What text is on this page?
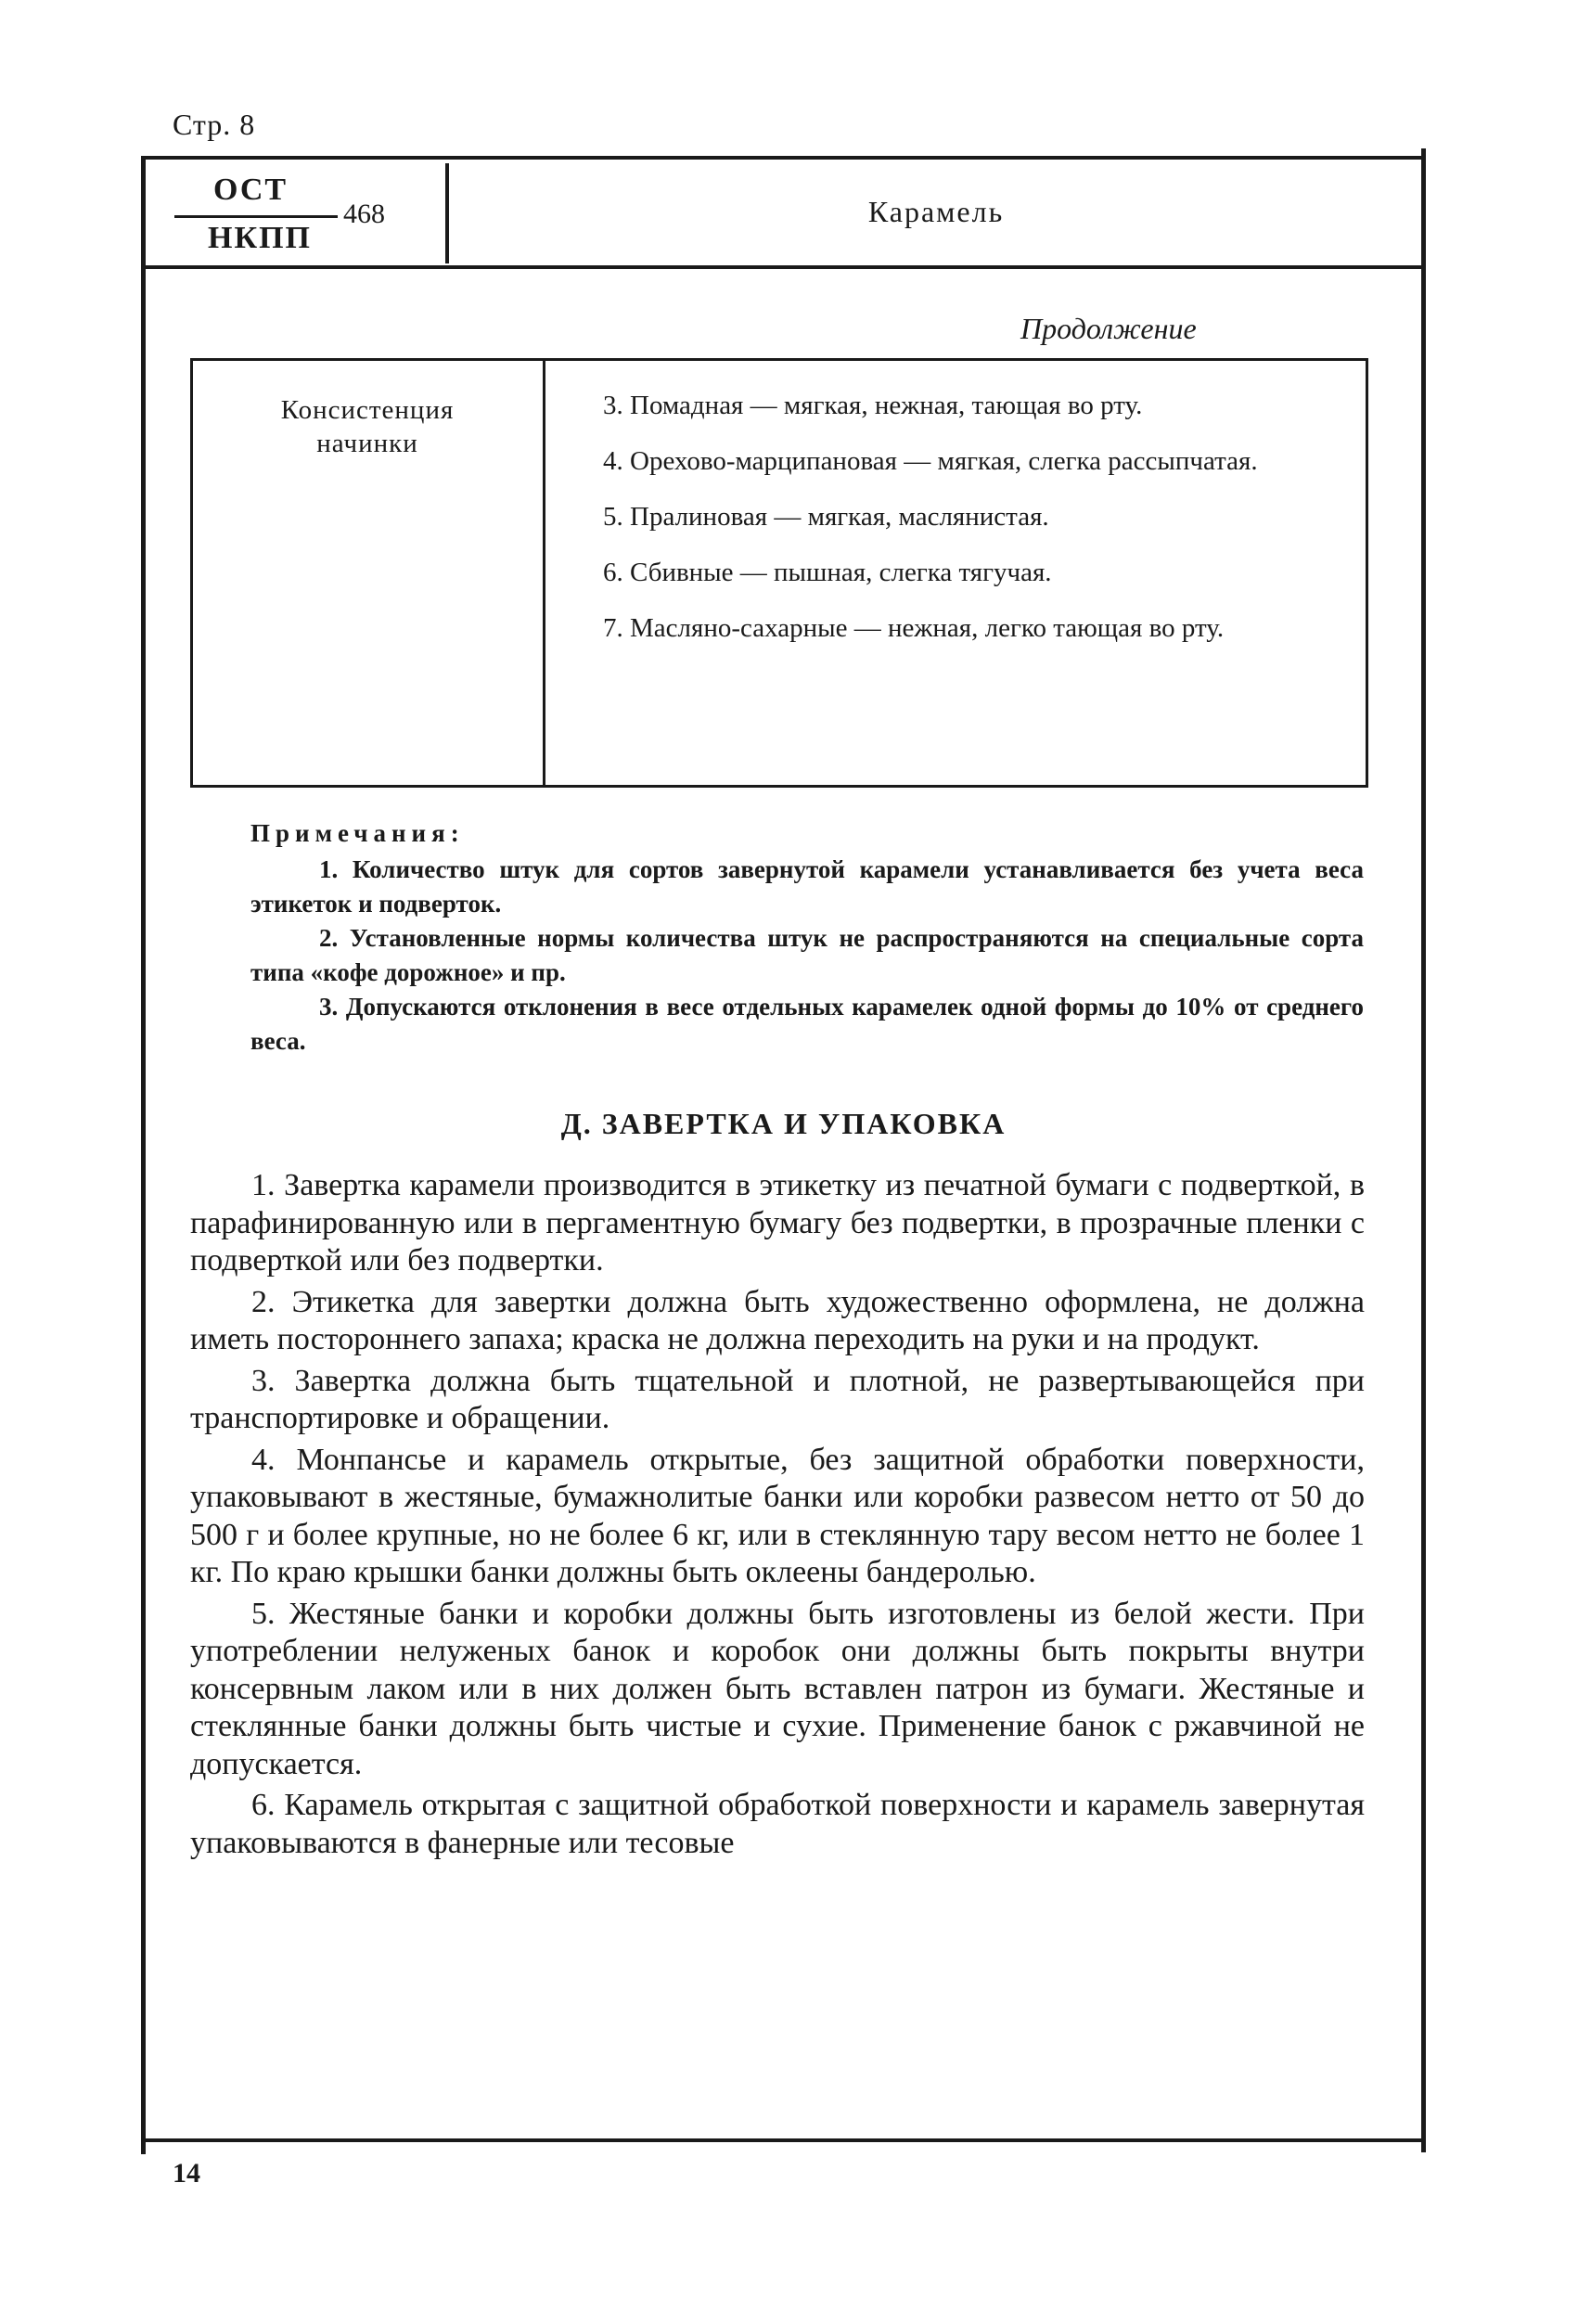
Стр. 8
ОСТ
НКПП
468	Карамель
Продолжение
Консистенция
начинки

3. Помадная — мягкая, нежная, тающая во рту.

4. Орехово-марципановая — мягкая, слегка рассыпчатая.

5. Пралиновая — мягкая, маслянистая.

6. Сбивные — пышная, слегка тягучая.

7. Масляно-сахарные — нежная, легко тающая во рту.

Примечания:

1. Количество штук для сортов завернутой карамели устанавливается без учета веса этикеток и подверток.

2. Установленные нормы количества штук не распространяются на специальные сорта типа «кофе дорожное» и пр.

3. Допускаются отклонения в весе отдельных карамелек одной формы до 10% от среднего веса.

Д. ЗАВЕРТКА И УПАКОВКА

1. Завертка карамели производится в этикетку из печатной бумаги с подверткой, в парафинированную или в пергаментную бумагу без подвертки, в прозрачные пленки с подверткой или без подвертки.

2. Этикетка для завертки должна быть художественно оформлена, не должна иметь постороннего запаха; краска не должна переходить на руки и на продукт.

3. Завертка должна быть тщательной и плотной, не развертывающейся при транспортировке и обращении.

4. Монпансье и карамель открытые, без защитной обработки поверхности, упаковывают в жестяные, бумажнолитые банки или коробки развесом нетто от 50 до 500 г и более крупные, но не более 6 кг, или в стеклянную тару весом нетто не более 1 кг. По краю крышки банки должны быть оклеены бандеролью.

5. Жестяные банки и коробки должны быть изготовлены из белой жести. При употреблении нелуженых банок и коробок они должны быть покрыты внутри консервным лаком или в них должен быть вставлен патрон из бумаги. Жестяные и стеклянные банки должны быть чистые и сухие. Применение банок с ржавчиной не допускается.

6. Карамель открытая с защитной обработкой поверхности и карамель завернутая упаковываются в фанерные или тесовые

14
